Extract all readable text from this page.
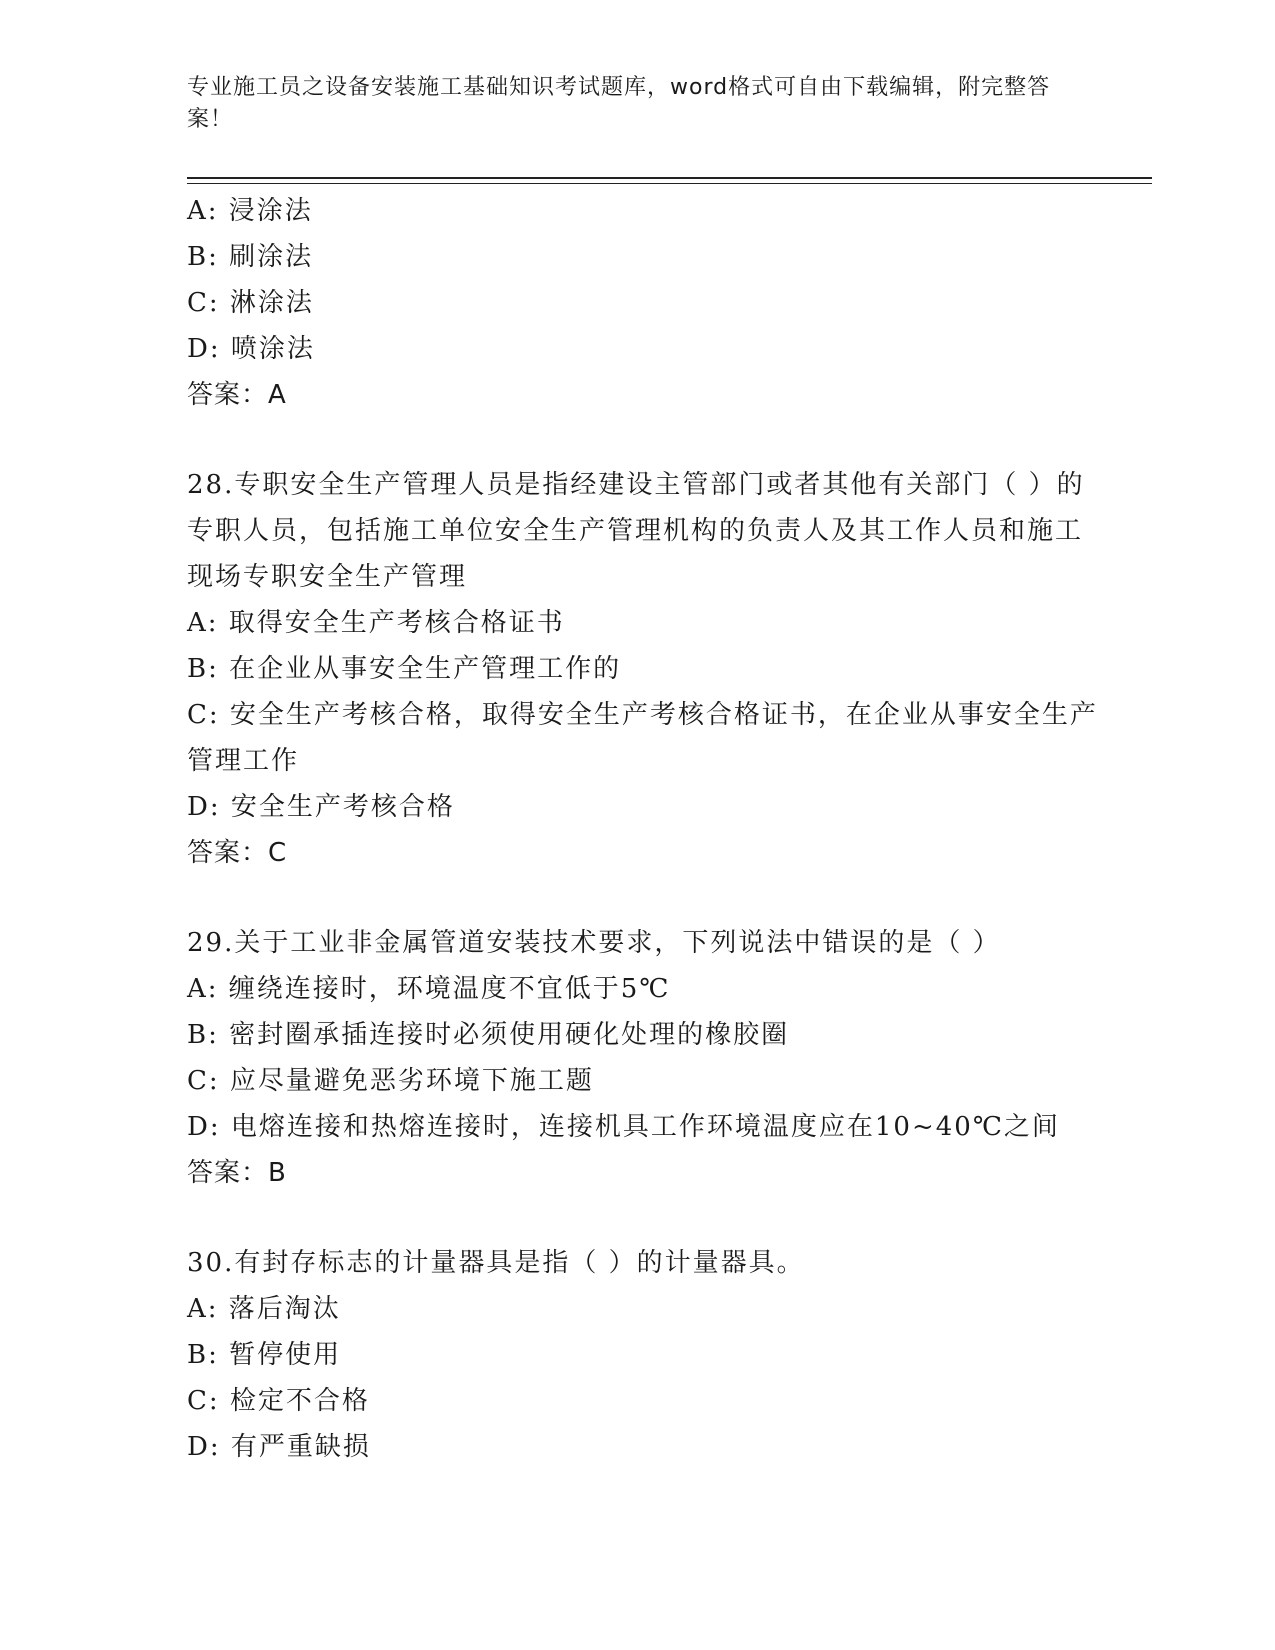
专业施工员之设备安装施工基础知识考试题库，word格式可自由下载编辑，附完整答案！
A: 浸涂法
B: 刷涂法
C: 淋涂法
D: 喷涂法
答案：A
28.专职安全生产管理人员是指经建设主管部门或者其他有关部门（ ）的专职人员，包括施工单位安全生产管理机构的负责人及其工作人员和施工现场专职安全生产管理
A: 取得安全生产考核合格证书
B: 在企业从事安全生产管理工作的
C: 安全生产考核合格，取得安全生产考核合格证书，在企业从事安全生产管理工作
D: 安全生产考核合格
答案：C
29.关于工业非金属管道安装技术要求，下列说法中错误的是（ ）
A: 缠绕连接时，环境温度不宜低于5℃
B: 密封圈承插连接时必须使用硬化处理的橡胶圈
C: 应尽量避免恶劣环境下施工题
D: 电熔连接和热熔连接时，连接机具工作环境温度应在10~40℃之间
答案：B
30.有封存标志的计量器具是指（ ）的计量器具。
A: 落后淘汰
B: 暂停使用
C: 检定不合格
D: 有严重缺损
